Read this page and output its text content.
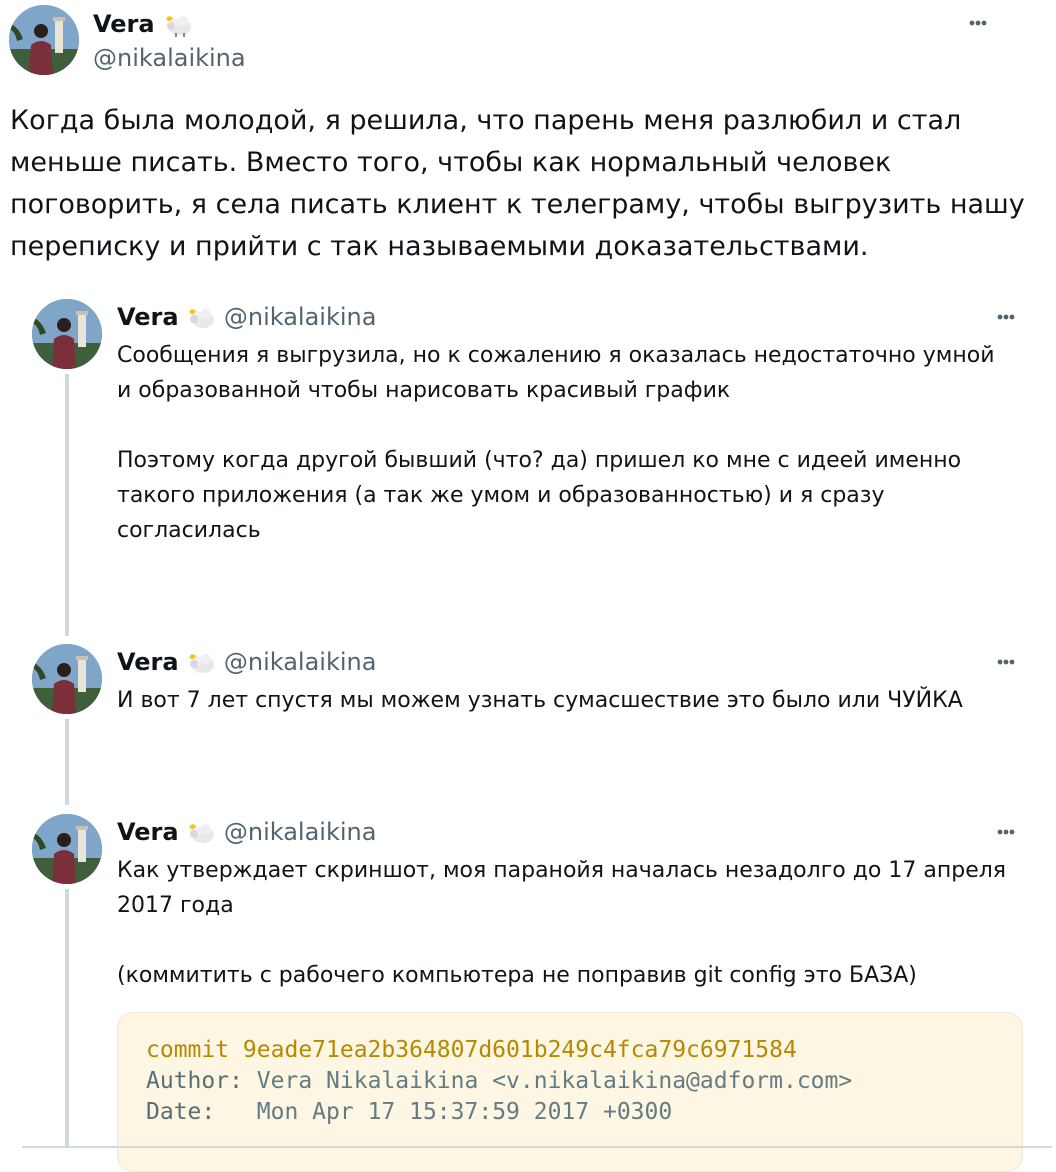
Vera
@nikalaikina
Когда была молодой, я решила, что парень меня разлюбил и стал
меньше писать. Вместо того, чтобы как нормальный человек
поговорить, я села писать клиент к телеграму, чтобы выгрузить нашу
переписку и прийти с так называемыми доказательствами.
Vera @nikalaikina
Сообщения я выгрузила, но к сожалению я оказалась недостаточно умной
и образованной чтобы нарисовать красивый график

Поэтому когда другой бывший (что? да) пришел ко мне с идеей именно
такого приложения (а так же умом и образованностью) и я сразу
согласилась
Vera @nikalaikina
И вот 7 лет спустя мы можем узнать сумасшествие это было или ЧУЙКА
Vera @nikalaikina
Как утверждает скриншот, моя паранойя началась незадолго до 17 апреля
2017 года

(коммитить с рабочего компьютера не поправив git config это БАЗА)
commit 9eade71ea2b364807d601b249c4fca79c6971584
Author: Vera Nikalaikina <v.nikalaikina@adform.com>
Date: Mon Apr 17 15:37:59 2017 +0300
